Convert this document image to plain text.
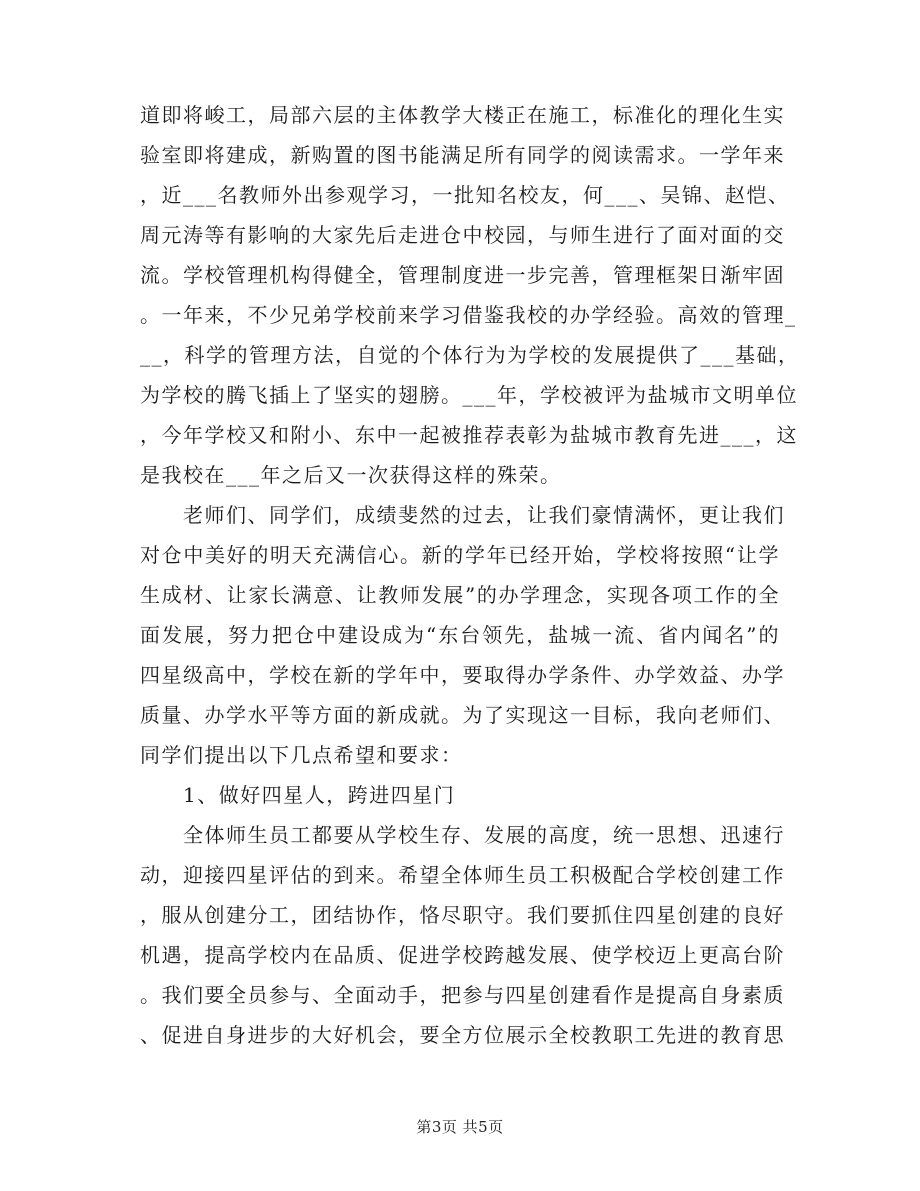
道即将峻工，局部六层的主体教学大楼正在施工，标准化的理化生实
验室即将建成，新购置的图书能满足所有同学的阅读需求。一学年来
，近___名教师外出参观学习，一批知名校友，何___、吴锦、赵恺、
周元涛等有影响的大家先后走进仓中校园，与师生进行了面对面的交
流。学校管理机构得健全，管理制度进一步完善，管理框架日渐牢固
。一年来，不少兄弟学校前来学习借鉴我校的办学经验。高效的管理_
__，科学的管理方法，自觉的个体行为为学校的发展提供了___基础，
为学校的腾飞插上了坚实的翅膀。___年，学校被评为盐城市文明单位
，今年学校又和附小、东中一起被推荐表彰为盐城市教育先进___，这
是我校在___年之后又一次获得这样的殊荣。
　　老师们、同学们，成绩斐然的过去，让我们豪情满怀，更让我们
对仓中美好的明天充满信心。新的学年已经开始，学校将按照“让学
生成材、让家长满意、让教师发展”的办学理念，实现各项工作的全
面发展，努力把仓中建设成为“东台领先，盐城一流、省内闻名”的
四星级高中，学校在新的学年中，要取得办学条件、办学效益、办学
质量、办学水平等方面的新成就。为了实现这一目标，我向老师们、
同学们提出以下几点希望和要求：
　　1、做好四星人，跨进四星门
　　全体师生员工都要从学校生存、发展的高度，统一思想、迅速行
动，迎接四星评估的到来。希望全体师生员工积极配合学校创建工作
，服从创建分工，团结协作，恪尽职守。我们要抓住四星创建的良好
机遇，提高学校内在品质、促进学校跨越发展、使学校迈上更高台阶
。我们要全员参与、全面动手，把参与四星创建看作是提高自身素质
、促进自身进步的大好机会，要全方位展示全校教职工先进的教育思
第3页 共5页
